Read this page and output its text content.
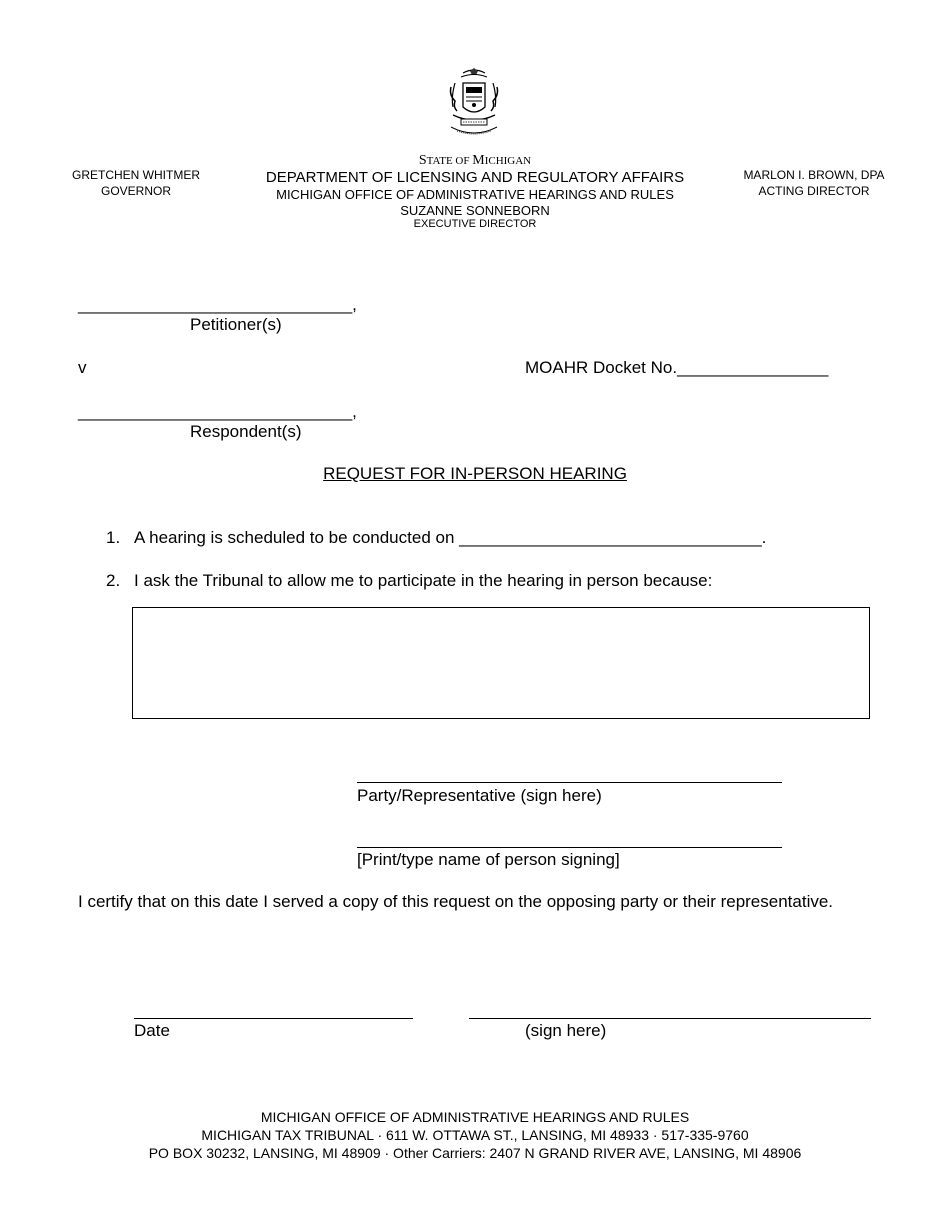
STATE OF MICHIGAN
DEPARTMENT OF LICENSING AND REGULATORY AFFAIRS
MICHIGAN OFFICE OF ADMINISTRATIVE HEARINGS AND RULES
SUZANNE SONNEBORN
EXECUTIVE DIRECTOR
GRETCHEN WHITMER
GOVERNOR
MARLON I. BROWN, DPA
ACTING DIRECTOR
_____________________________,
Petitioner(s)
v	MOAHR Docket No.________________
_____________________________,
Respondent(s)
REQUEST FOR IN-PERSON HEARING
1. A hearing is scheduled to be conducted on ________________________________.
2. I ask the Tribunal to allow me to participate in the hearing in person because:
Party/Representative (sign here)
[Print/type name of person signing]
I certify that on this date I served a copy of this request on the opposing party or their representative.
Date	(sign here)
MICHIGAN OFFICE OF ADMINISTRATIVE HEARINGS AND RULES
MICHIGAN TAX TRIBUNAL · 611 W. OTTAWA ST., LANSING, MI 48933 · 517-335-9760
PO BOX 30232, LANSING, MI 48909 · Other Carriers: 2407 N GRAND RIVER AVE, LANSING, MI 48906
